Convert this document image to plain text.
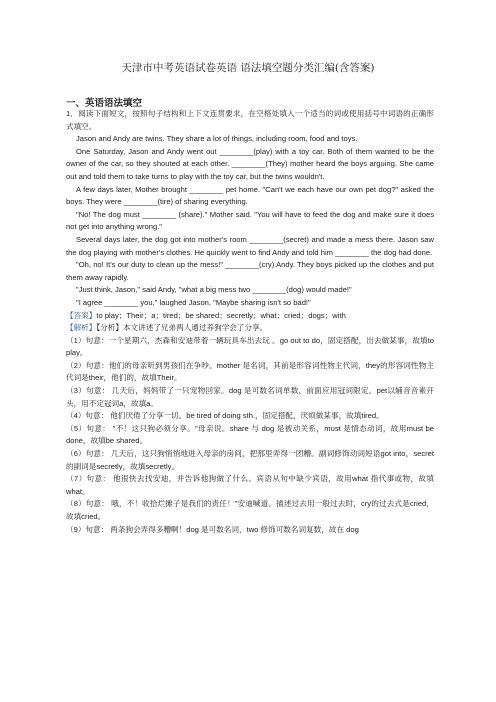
天津市中考英语试卷英语 语法填空题分类汇编(含答案)
一、英语语法填空

1．阅读下面短文，按照句子结构和上下文连贯要求，在空格处填入一个适当的词或使用括号中词语的正确形式填空。

Jason and Andy are twins. They share a lot of things, including room, food and toys.

One Saturday, Jason and Andy went out ________(play) with a toy car. Both of them wanted to be the owner of the car, so they shouted at each other. ________(They) mother heard the boys arguing. She came out and told them to take turns to play with the toy car, but the twins wouldn't.

A few days later, Mother brought ________ pet home. "Can't we each have our own pet dog?" asked the boys. They were ________(tire) of sharing everything.

"No! The dog must ________ (share)." Mother said. "You will have to feed the dog and make sure it does not get into anything wrong."

Several days later, the dog got into mother's room ________(secret) and made a mess there. Jason saw the dog playing with mother's clothes. He quickly went to find Andy and told him ________ the dog had done.

"Oh, no! It's our duty to clean up the mess!" ________(cry) Andy. They boys picked up the clothes and put them away rapidly.

"Just think, Jason," said Andy, "what a big mess two ________(dog) would made!"

"I agree ________ you," laughed Jason, "Maybe sharing isn't so bad!"

【答案】to play；Their；a；tired；be shared；secretly；what；cried；dogs；with

【解析】【分析】本文讲述了兄弟两人通过养狗学会了分享。

（1）句意：一个星期六，杰森和安迪带着一辆玩具车出去玩 。go out to do，固定搭配，出去做某事，故填to play。

（2）句意：他们的母亲听到男孩们在争吵。mother 是名词，其前是形容词性物主代词，they的形容词性物主代词是their，他们的，故填Their。

（3）句意： 几天后，妈妈带了一只宠物回家。dog 是可数名词单数，前面应用冠词限定。pet以辅音音素开头，用不定冠词a，故填a。

（4）句意： 他们厌倦了分享一切。be tired of doing sth.，固定搭配，厌烦做某事，故填tired。

（5）句意： "不！这只狗必须分享。"母亲说。share 与 dog 是被动关系，must 是情态动词，故用must be done，故填be shared。

（6）句意： 几天后，这只狗悄悄地进入母亲的房间，把那里弄得一团糟。副词修饰动词短语got into，secret的副词是secretly，故填secretly。

（7）句意： 他很快去找安迪，并告诉他狗做了什么。宾语从句中缺少宾语，故用what 指代事或物，故填what。

（8）句意： 哦，不！收拾烂摊子是我们的责任！"安迪喊道。描述过去用一般过去时，cry的过去式是cried，故填cried。

（9）句意： 两条狗会弄得多糟啊！dog 是可数名词，two 修饰可数名词复数，故在 dog
